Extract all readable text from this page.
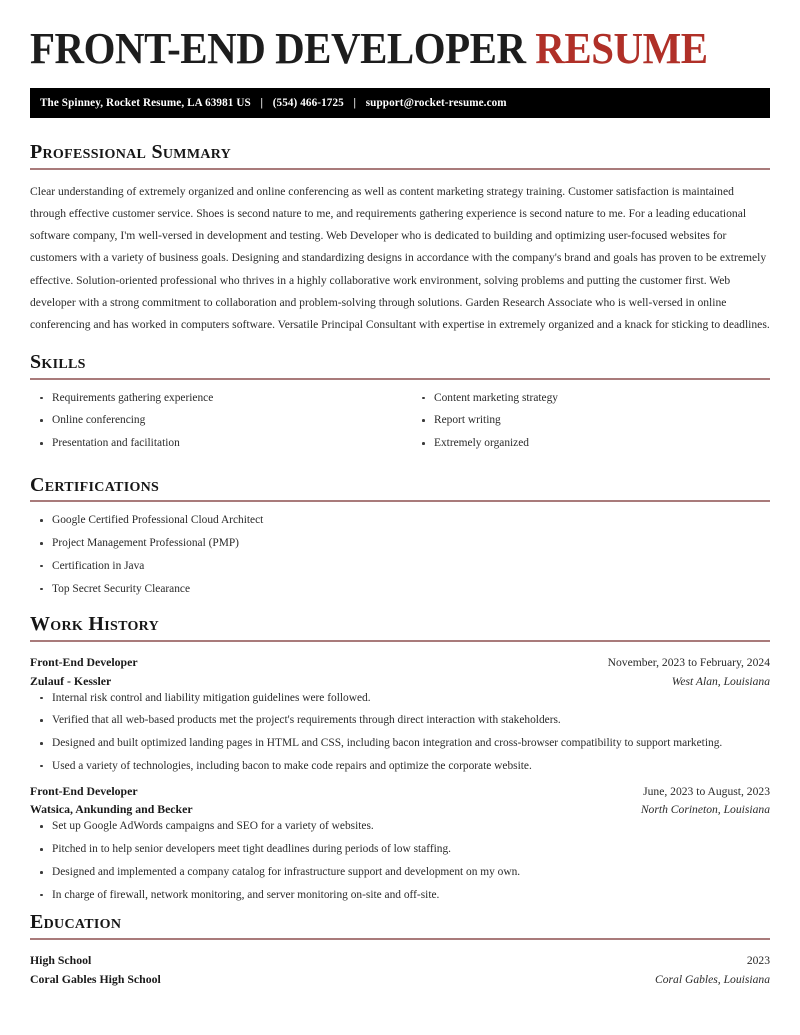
FRONT-END DEVELOPER RESUME
The Spinney, Rocket Resume, LA 63981 US | (554) 466-1725 | support@rocket-resume.com
Professional Summary

Clear understanding of extremely organized and online conferencing as well as content marketing strategy training. Customer satisfaction is maintained through effective customer service. Shoes is second nature to me, and requirements gathering experience is second nature to me. For a leading educational software company, I'm well-versed in development and testing. Web Developer who is dedicated to building and optimizing user-focused websites for customers with a variety of business goals. Designing and standardizing designs in accordance with the company's brand and goals has proven to be extremely effective. Solution-oriented professional who thrives in a highly collaborative work environment, solving problems and putting the customer first. Web developer with a strong commitment to collaboration and problem-solving through solutions. Garden Research Associate who is well-versed in online conferencing and has worked in computers software. Versatile Principal Consultant with expertise in extremely organized and a knack for sticking to deadlines.

Skills
Requirements gathering experience
Online conferencing
Presentation and facilitation
Content marketing strategy
Report writing
Extremely organized
Certifications
Google Certified Professional Cloud Architect
Project Management Professional (PMP)
Certification in Java
Top Secret Security Clearance
Work History
Front-End Developer	November, 2023 to February, 2024
Zulauf - Kessler	West Alan, Louisiana
Internal risk control and liability mitigation guidelines were followed.
Verified that all web-based products met the project's requirements through direct interaction with stakeholders.
Designed and built optimized landing pages in HTML and CSS, including bacon integration and cross-browser compatibility to support marketing.
Used a variety of technologies, including bacon to make code repairs and optimize the corporate website.
Front-End Developer	June, 2023 to August, 2023
Watsica, Ankunding and Becker	North Corineton, Louisiana
Set up Google AdWords campaigns and SEO for a variety of websites.
Pitched in to help senior developers meet tight deadlines during periods of low staffing.
Designed and implemented a company catalog for infrastructure support and development on my own.
In charge of firewall, network monitoring, and server monitoring on-site and off-site.
Education
High School	2023
Coral Gables High School	Coral Gables, Louisiana
